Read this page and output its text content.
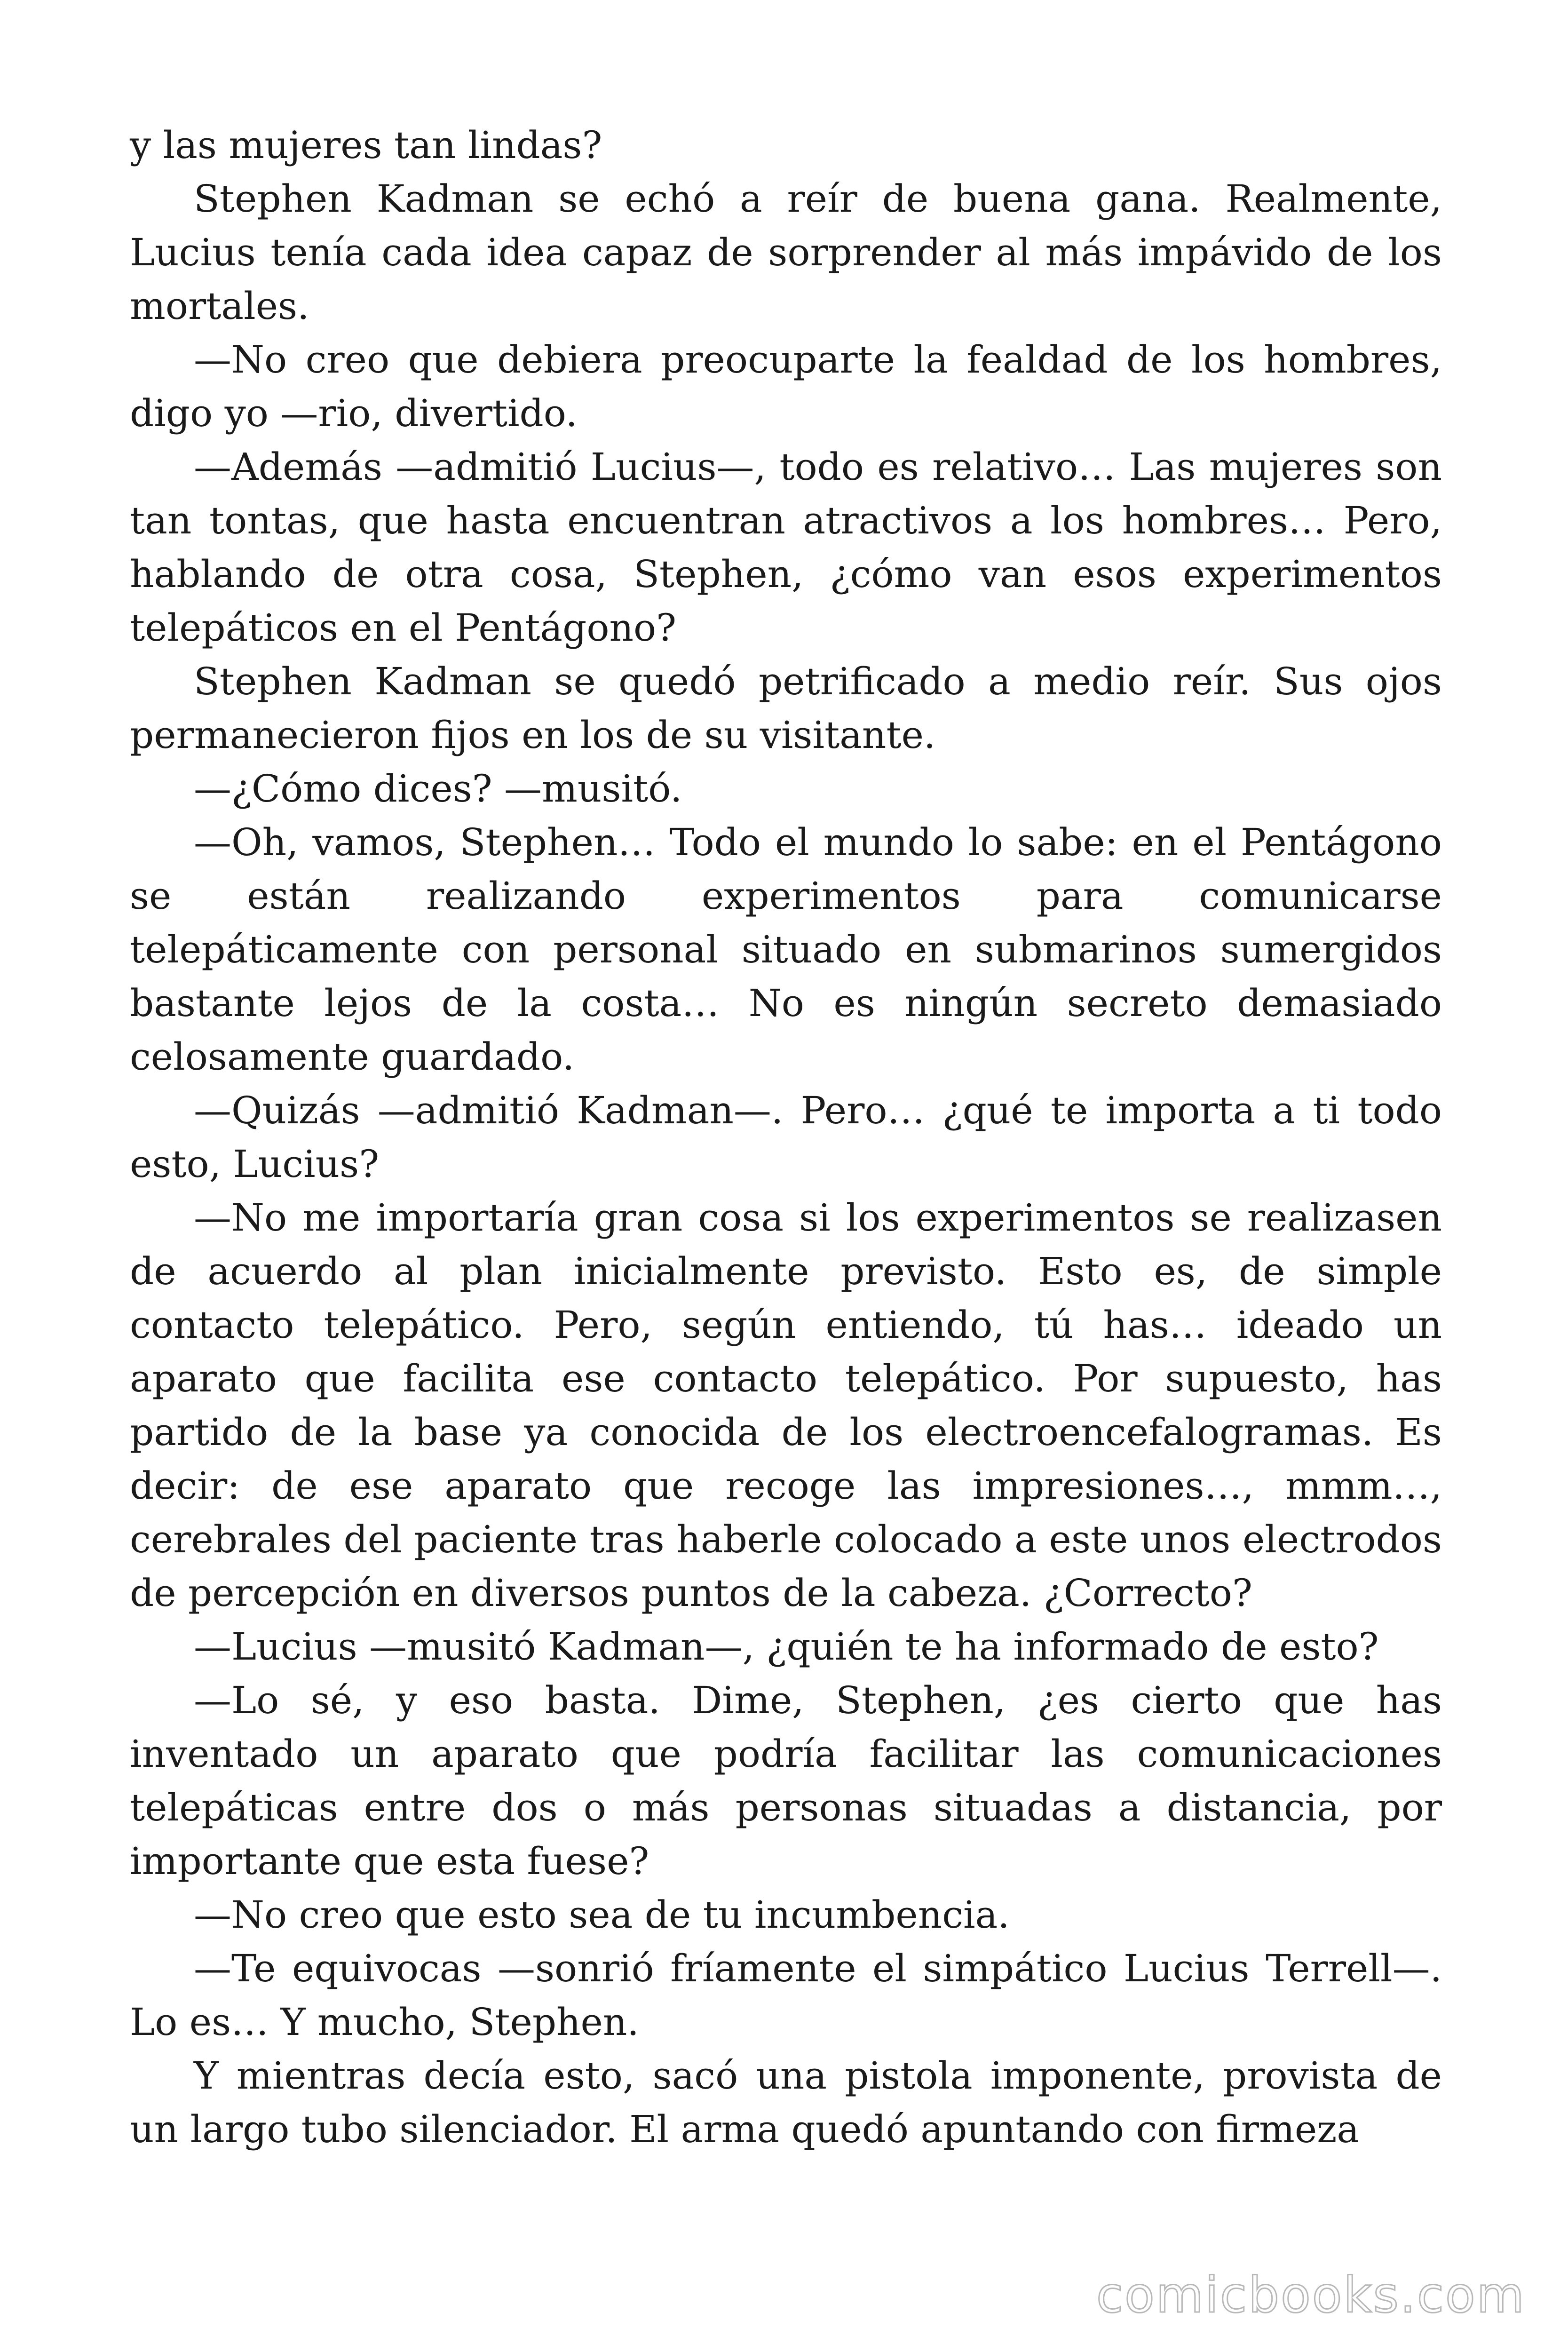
y las mujeres tan lindas?

Stephen Kadman se echó a reír de buena gana. Realmente, Lucius tenía cada idea capaz de sorprender al más impávido de los mortales.

—No creo que debiera preocuparte la fealdad de los hombres, digo yo —rio, divertido.

—Además —admitió Lucius—, todo es relativo… Las mujeres son tan tontas, que hasta encuentran atractivos a los hombres… Pero, hablando de otra cosa, Stephen, ¿cómo van esos experimentos telepáticos en el Pentágono?

Stephen Kadman se quedó petrificado a medio reír. Sus ojos permanecieron fijos en los de su visitante.

—¿Cómo dices? —musitó.

—Oh, vamos, Stephen… Todo el mundo lo sabe: en el Pentágono se están realizando experimentos para comunicarse telepáticamente con personal situado en submarinos sumergidos bastante lejos de la costa… No es ningún secreto demasiado celosamente guardado.

—Quizás —admitió Kadman—. Pero… ¿qué te importa a ti todo esto, Lucius?

—No me importaría gran cosa si los experimentos se realizasen de acuerdo al plan inicialmente previsto. Esto es, de simple contacto telepático. Pero, según entiendo, tú has… ideado un aparato que facilita ese contacto telepático. Por supuesto, has partido de la base ya conocida de los electroencefalogramas. Es decir: de ese aparato que recoge las impresiones…, mmm…, cerebrales del paciente tras haberle colocado a este unos electrodos de percepción en diversos puntos de la cabeza. ¿Correcto?

—Lucius —musitó Kadman—, ¿quién te ha informado de esto?

—Lo sé, y eso basta. Dime, Stephen, ¿es cierto que has inventado un aparato que podría facilitar las comunicaciones telepáticas entre dos o más personas situadas a distancia, por importante que esta fuese?

—No creo que esto sea de tu incumbencia.

—Te equivocas —sonrió fríamente el simpático Lucius Terrell—. Lo es… Y mucho, Stephen.

Y mientras decía esto, sacó una pistola imponente, provista de un largo tubo silenciador. El arma quedó apuntando con firmeza

comicbooks.com
